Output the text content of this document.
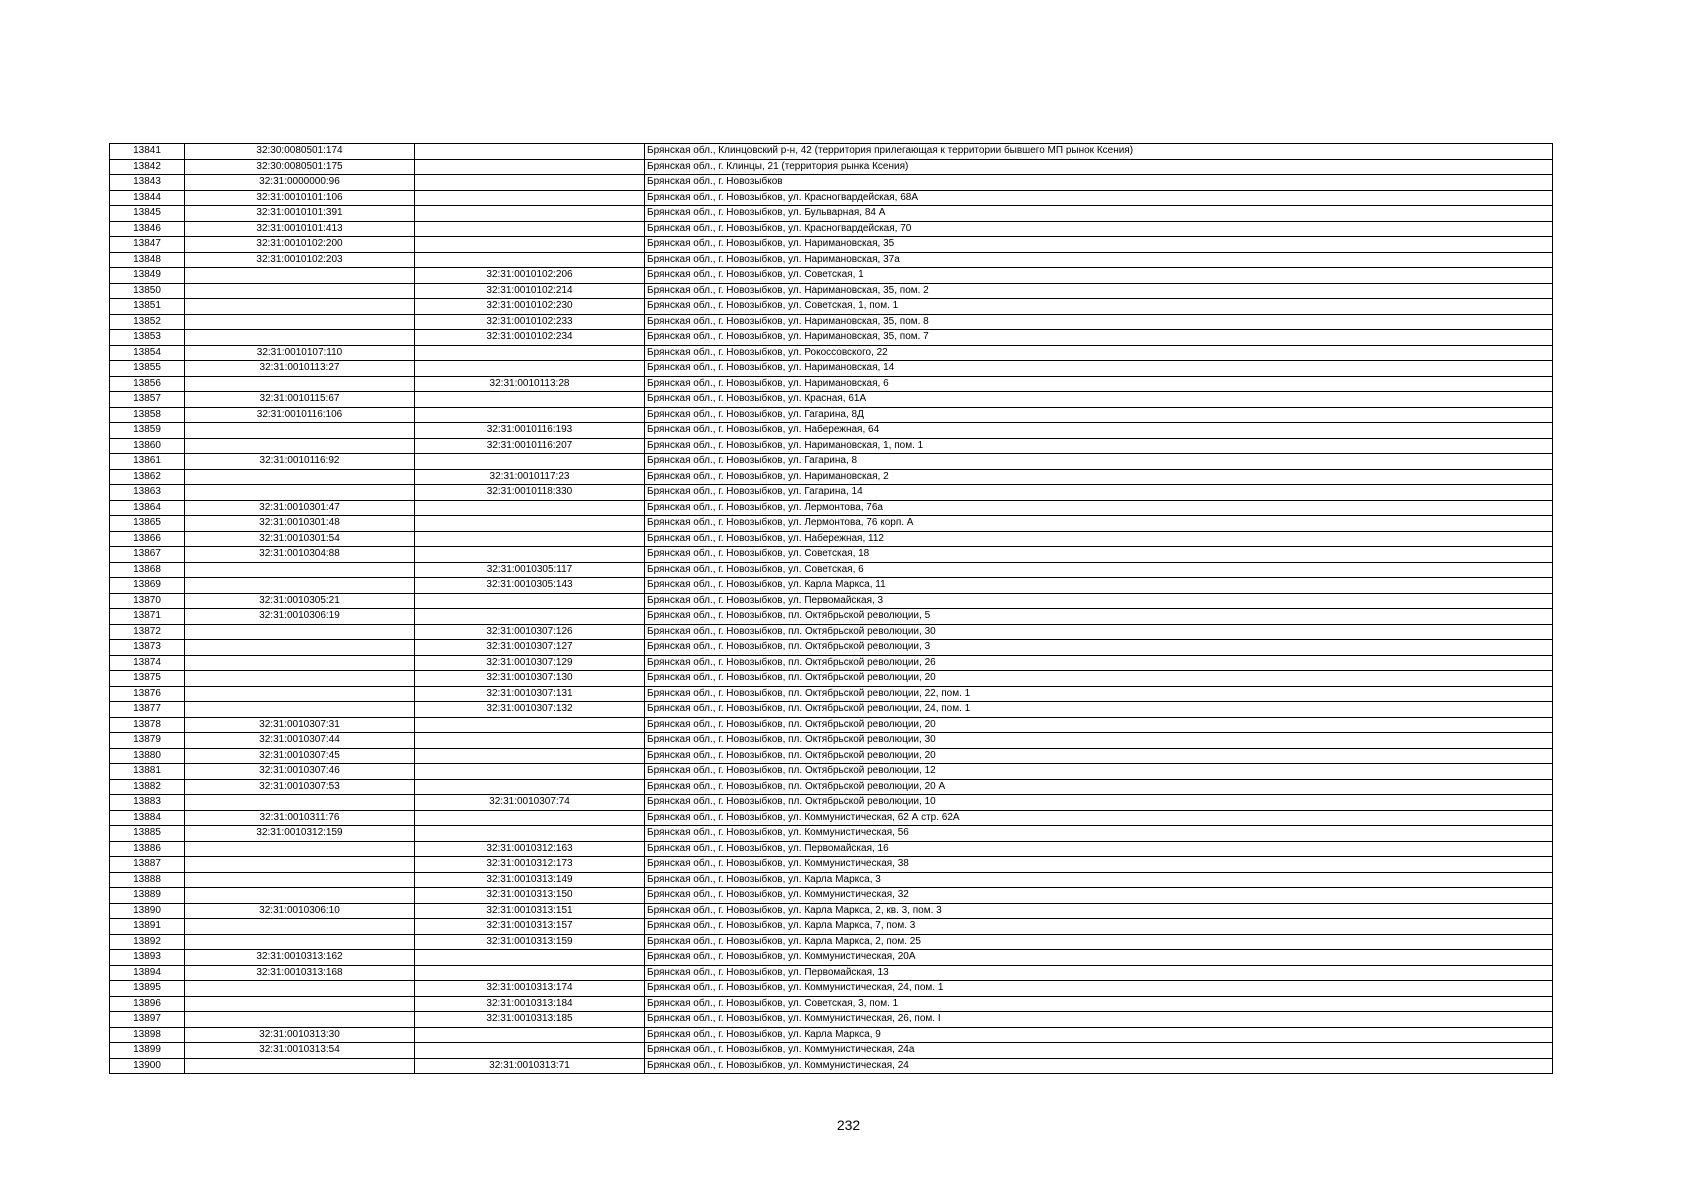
13841	32:30:0080501:174		Брянская обл., Клинцовский р-н, 42 (территория прилегающая к территории бывшего МП рынок Ксения)
13842	32:30:0080501:175		Брянская обл., г. Клинцы, 21 (территория рынка Ксения)
13843	32:31:0000000:96		Брянская обл., г. Новозыбков
13844	32:31:0010101:106		Брянская обл., г. Новозыбков, ул. Красногвардейская, 68А
13845	32:31:0010101:391		Брянская обл., г. Новозыбков, ул. Бульварная, 84 А
13846	32:31:0010101:413		Брянская обл., г. Новозыбков, ул. Красногвардейская, 70
13847	32:31:0010102:200		Брянская обл., г. Новозыбков, ул. Наримановская, 35
13848	32:31:0010102:203		Брянская обл., г. Новозыбков, ул. Наримановская, 37а
13849		32:31:0010102:206	Брянская обл., г. Новозыбков, ул. Советская, 1
13850		32:31:0010102:214	Брянская обл., г. Новозыбков, ул. Наримановская, 35, пом. 2
13851		32:31:0010102:230	Брянская обл., г. Новозыбков, ул. Советская, 1, пом. 1
13852		32:31:0010102:233	Брянская обл., г. Новозыбков, ул. Наримановская, 35, пом. 8
13853		32:31:0010102:234	Брянская обл., г. Новозыбков, ул. Наримановская, 35, пом. 7
13854	32:31:0010107:110		Брянская обл., г. Новозыбков, ул. Рокоссовского, 22
13855	32:31:0010113:27		Брянская обл., г. Новозыбков, ул. Наримановская, 14
13856		32:31:0010113:28	Брянская обл., г. Новозыбков, ул. Наримановская, 6
13857	32:31:0010115:67		Брянская обл., г. Новозыбков, ул. Красная, 61А
13858	32:31:0010116:106		Брянская обл., г. Новозыбков, ул. Гагарина, 8Д
13859		32:31:0010116:193	Брянская обл., г. Новозыбков, ул. Набережная, 64
13860		32:31:0010116:207	Брянская обл., г. Новозыбков, ул. Наримановская, 1, пом. 1
13861	32:31:0010116:92		Брянская обл., г. Новозыбков, ул. Гагарина, 8
13862		32:31:0010117:23	Брянская обл., г. Новозыбков, ул. Наримановская, 2
13863		32:31:0010118:330	Брянская обл., г. Новозыбков, ул. Гагарина, 14
13864	32:31:0010301:47		Брянская обл., г. Новозыбков, ул. Лермонтова, 76а
13865	32:31:0010301:48		Брянская обл., г. Новозыбков, ул. Лермонтова, 76 корп. А
13866	32:31:0010301:54		Брянская обл., г. Новозыбков, ул. Набережная, 112
13867	32:31:0010304:88		Брянская обл., г. Новозыбков, ул. Советская, 18
13868		32:31:0010305:117	Брянская обл., г. Новозыбков, ул. Советская, 6
13869		32:31:0010305:143	Брянская обл., г. Новозыбков, ул. Карла Маркса, 11
13870	32:31:0010305:21		Брянская обл., г. Новозыбков, ул. Первомайская, 3
13871	32:31:0010306:19		Брянская обл., г. Новозыбков, пл. Октябрьской революции, 5
13872		32:31:0010307:126	Брянская обл., г. Новозыбков, пл. Октябрьской революции, 30
13873		32:31:0010307:127	Брянская обл., г. Новозыбков, пл. Октябрьской революции, 3
13874		32:31:0010307:129	Брянская обл., г. Новозыбков, пл. Октябрьской революции, 26
13875		32:31:0010307:130	Брянская обл., г. Новозыбков, пл. Октябрьской революции, 20
13876		32:31:0010307:131	Брянская обл., г. Новозыбков, пл. Октябрьской революции, 22, пом. 1
13877		32:31:0010307:132	Брянская обл., г. Новозыбков, пл. Октябрьской революции, 24, пом. 1
13878	32:31:0010307:31		Брянская обл., г. Новозыбков, пл. Октябрьской революции, 20
13879	32:31:0010307:44		Брянская обл., г. Новозыбков, пл. Октябрьской революции, 30
13880	32:31:0010307:45		Брянская обл., г. Новозыбков, пл. Октябрьской революции, 20
13881	32:31:0010307:46		Брянская обл., г. Новозыбков, пл. Октябрьской революции, 12
13882	32:31:0010307:53		Брянская обл., г. Новозыбков, пл. Октябрьской революции, 20 А
13883		32:31:0010307:74	Брянская обл., г. Новозыбков, пл. Октябрьской революции, 10
13884	32:31:0010311:76		Брянская обл., г. Новозыбков, ул. Коммунистическая, 62 А стр. 62А
13885	32:31:0010312:159		Брянская обл., г. Новозыбков, ул. Коммунистическая, 56
13886		32:31:0010312:163	Брянская обл., г. Новозыбков, ул. Первомайская, 16
13887		32:31:0010312:173	Брянская обл., г. Новозыбков, ул. Коммунистическая, 38
13888		32:31:0010313:149	Брянская обл., г. Новозыбков, ул. Карла Маркса, 3
13889		32:31:0010313:150	Брянская обл., г. Новозыбков, ул. Коммунистическая, 32
13890	32:31:0010306:10	32:31:0010313:151	Брянская обл., г. Новозыбков, ул. Карла Маркса, 2, кв. 3, пом. 3
13891		32:31:0010313:157	Брянская обл., г. Новозыбков, ул. Карла Маркса, 7, пом. 3
13892		32:31:0010313:159	Брянская обл., г. Новозыбков, ул. Карла Маркса, 2, пом. 25
13893	32:31:0010313:162		Брянская обл., г. Новозыбков, ул. Коммунистическая, 20А
13894	32:31:0010313:168		Брянская обл., г. Новозыбков, ул. Первомайская, 13
13895		32:31:0010313:174	Брянская обл., г. Новозыбков, ул. Коммунистическая, 24, пом. 1
13896		32:31:0010313:184	Брянская обл., г. Новозыбков, ул. Советская, 3, пом. 1
13897		32:31:0010313:185	Брянская обл., г. Новозыбков, ул. Коммунистическая, 26, пом. I
13898	32:31:0010313:30		Брянская обл., г. Новозыбков, ул. Карла Маркса, 9
13899	32:31:0010313:54		Брянская обл., г. Новозыбков, ул. Коммунистическая, 24а
13900		32:31:0010313:71	Брянская обл., г. Новозыбков, ул. Коммунистическая, 24
232
